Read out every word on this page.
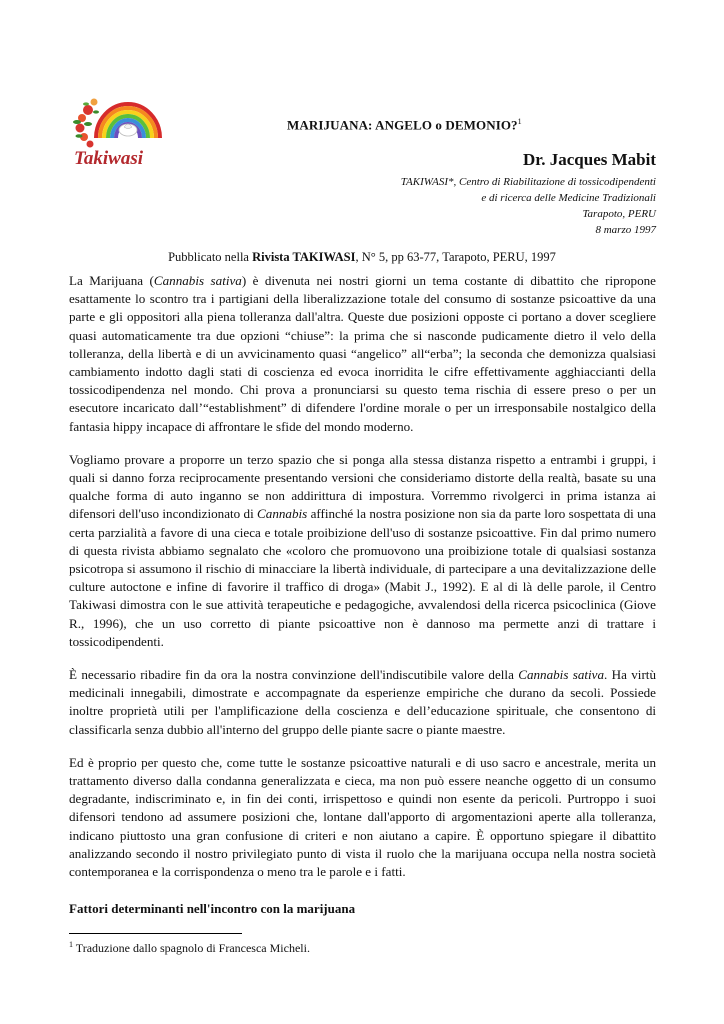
Takiwasi
MARIJUANA: ANGELO o DEMONIO?$^1$
Dr. Jacques Mabit
TAKIWASI*, Centro di Riabilitazione di tossicodipendenti
e di ricerca delle Medicine Tradizionali
Tarapoto, PERU
8 marzo 1997
Pubblicato nella Rivista TAKIWASI, N° 5, pp 63-77, Tarapoto, PERU, 1997

La Marijuana (Cannabis sativa) è divenuta nei nostri giorni un tema costante di dibattito che ripropone esattamente lo scontro tra i partigiani della liberalizzazione totale del consumo di sostanze psicoattive da una parte e gli oppositori alla piena tolleranza dall'altra. Queste due posizioni opposte ci portano a dover scegliere quasi automaticamente tra due opzioni “chiuse”: la prima che si nasconde pudicamente dietro il velo della tolleranza, della libertà e di un avvicinamento quasi “angelico” all“erba”; la seconda che demonizza qualsiasi cambiamento indotto dagli stati di coscienza ed evoca inorridita le cifre effettivamente agghiaccianti della tossicodipendenza nel mondo. Chi prova a pronunciarsi su questo tema rischia di essere preso o per un esecutore incaricato dall’“establishment” di difendere l'ordine morale o per un irresponsabile nostalgico della fantasia hippy incapace di affrontare le sfide del mondo moderno.

Vogliamo provare a proporre un terzo spazio che si ponga alla stessa distanza rispetto a entrambi i gruppi, i quali si danno forza reciprocamente presentando versioni che consideriamo distorte della realtà, basate su una qualche forma di auto inganno se non addirittura di impostura. Vorremmo rivolgerci in prima istanza ai difensori dell'uso incondizionato di Cannabis affinché la nostra posizione non sia da parte loro sospettata di una certa parzialità a favore di una cieca e totale proibizione dell'uso di sostanze psicoattive. Fin dal primo numero di questa rivista abbiamo segnalato che «coloro che promuovono una proibizione totale di qualsiasi sostanza psicotropa si assumono il rischio di minacciare la libertà individuale, di partecipare a una devitalizzazione delle culture autoctone e infine di favorire il traffico di droga» (Mabit J., 1992). E al di là delle parole, il Centro Takiwasi dimostra con le sue attività terapeutiche e pedagogiche, avvalendosi della ricerca psicoclinica (Giove R., 1996), che un uso corretto di piante psicoattive non è dannoso ma permette anzi di trattare i tossicodipendenti.

È necessario ribadire fin da ora la nostra convinzione dell'indiscutibile valore della Cannabis sativa. Ha virtù medicinali innegabili, dimostrate e accompagnate da esperienze empiriche che durano da secoli. Possiede inoltre proprietà utili per l'amplificazione della coscienza e dell’educazione spirituale, che consentono di classificarla senza dubbio all'interno del gruppo delle piante sacre o piante maestre.

Ed è proprio per questo che, come tutte le sostanze psicoattive naturali e di uso sacro e ancestrale, merita un trattamento diverso dalla condanna generalizzata e cieca, ma non può essere neanche oggetto di un consumo degradante, indiscriminato e, in fin dei conti, irrispettoso e quindi non esente da pericoli. Purtroppo i suoi difensori tendono ad assumere posizioni che, lontane dall'apporto di argomentazioni aperte alla tolleranza, indicano piuttosto una gran confusione di criteri e non aiutano a capire. È opportuno spiegare il dibattito analizzando secondo il nostro privilegiato punto di vista il ruolo che la marijuana occupa nella nostra società contemporanea e la corrispondenza o meno tra le parole e i fatti.

Fattori determinanti nell'incontro con la marijuana
$^1$ Traduzione dallo spagnolo di Francesca Micheli.
